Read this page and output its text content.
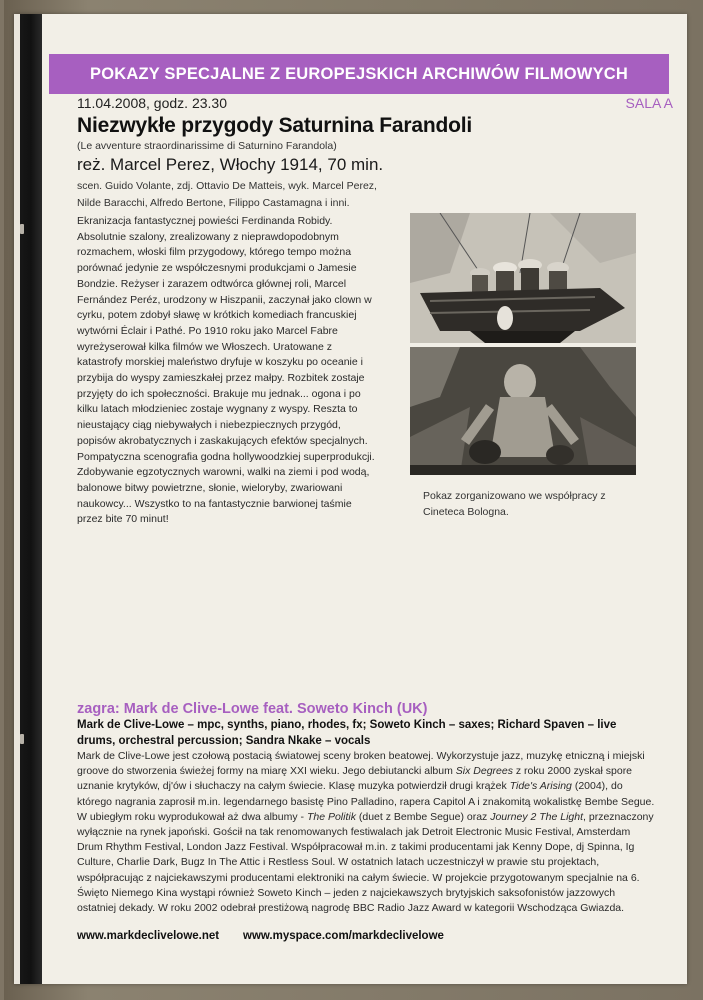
POKAZY SPECJALNE Z EUROPEJSKICH ARCHIWÓW FILMOWYCH
11.04.2008, godz. 23.30	SALA A
Niezwykłe przygody Saturnina Farandoli
(Le avventure straordinarissime di Saturnino Farandola)
reż. Marcel Perez, Włochy 1914, 70 min.
scen. Guido Volante, zdj. Ottavio De Matteis, wyk. Marcel Perez, Nilde Baracchi, Alfredo Bertone, Filippo Castamagna i inni.
Ekranizacja fantastycznej powieści Ferdinanda Robidy. Absolutnie szalony, zrealizowany z nieprawdopodobnym rozmachem, włoski film przygodowy, którego tempo można porównać jedynie ze współczesnymi produkcjami o Jamesie Bondzie. Reżyser i zarazem odtwórca głównej roli, Marcel Fernández Peréz, urodzony w Hiszpanii, zaczynał jako clown w cyrku, potem zdobył sławę w krótkich komediach francuskiej wytwórni Éclair i Pathé. Po 1910 roku jako Marcel Fabre wyreżyserował kilka filmów we Włoszech. Uratowane z katastrofy morskiej maleństwo dryfuje w koszyku po oceanie i przybija do wyspy zamieszkałej przez małpy. Rozbitek zostaje przyjęty do ich społeczności. Brakuje mu jednak... ogona i po kilku latach młodzieniec zostaje wygnany z wyspy. Reszta to nieustający ciąg niebywałych i niebezpiecznych przygód, popisów akrobatycznych i zaskakujących efektów specjalnych. Pompatyczna scenografia godna hollywoodzkiej superprodukcji. Zdobywanie egzotycznych warowni, walki na ziemi i pod wodą, balonowe bitwy powietrzne, słonie, wieloryby, zwariowani naukowcy... Wszystko to na fantastycznie barwionej taśmie przez bite 70 minut!
Pokaz zorganizowano we współpracy z Cineteca Bologna.
zagra: Mark de Clive-Lowe feat. Soweto Kinch (UK)
Mark de Clive-Lowe – mpc, synths, piano, rhodes, fx; Soweto Kinch – saxes; Richard Spaven – live drums, orchestral percussion; Sandra Nkake – vocals
Mark de Clive-Lowe jest czołową postacią światowej sceny broken beatowej. Wykorzystuje jazz, muzykę etniczną i miejski groove do stworzenia świeżej formy na miarę XXI wieku. Jego debiutancki album Six Degrees z roku 2000 zyskał spore uznanie krytyków, dj'ów i słuchaczy na całym świecie. Klasę muzyka potwierdził drugi krążek Tide's Arising (2004), do którego nagrania zaprosił m.in. legendarnego basistę Pino Palladino, rapera Capitol A i znakomitą wokalistkę Bembe Segue. W ubiegłym roku wyprodukował aż dwa albumy - The Politik (duet z Bembe Segue) oraz Journey 2 The Light, przeznaczony wyłącznie na rynek japoński. Gościł na tak renomowanych festiwalach jak Detroit Electronic Music Festival, Amsterdam Drum Rhythm Festival, London Jazz Festival. Współpracował m.in. z takimi producentami jak Kenny Dope, dj Spinna, Ig Culture, Charlie Dark, Bugz In The Attic i Restless Soul. W ostatnich latach uczestniczył w prawie stu projektach, współpracując z najciekawszymi producentami elektroniki na całym świecie. W projekcie przygotowanym specjalnie na 6. Święto Niemego Kina wystąpi również Soweto Kinch – jeden z najciekawszych brytyjskich saksofonistów jazzowych ostatniej dekady. W roku 2002 odebrał prestiżową nagrodę BBC Radio Jazz Award w kategorii Wschodząca Gwiazda.
www.markdeclivelowe.net www.myspace.com/markdeclivelowe
